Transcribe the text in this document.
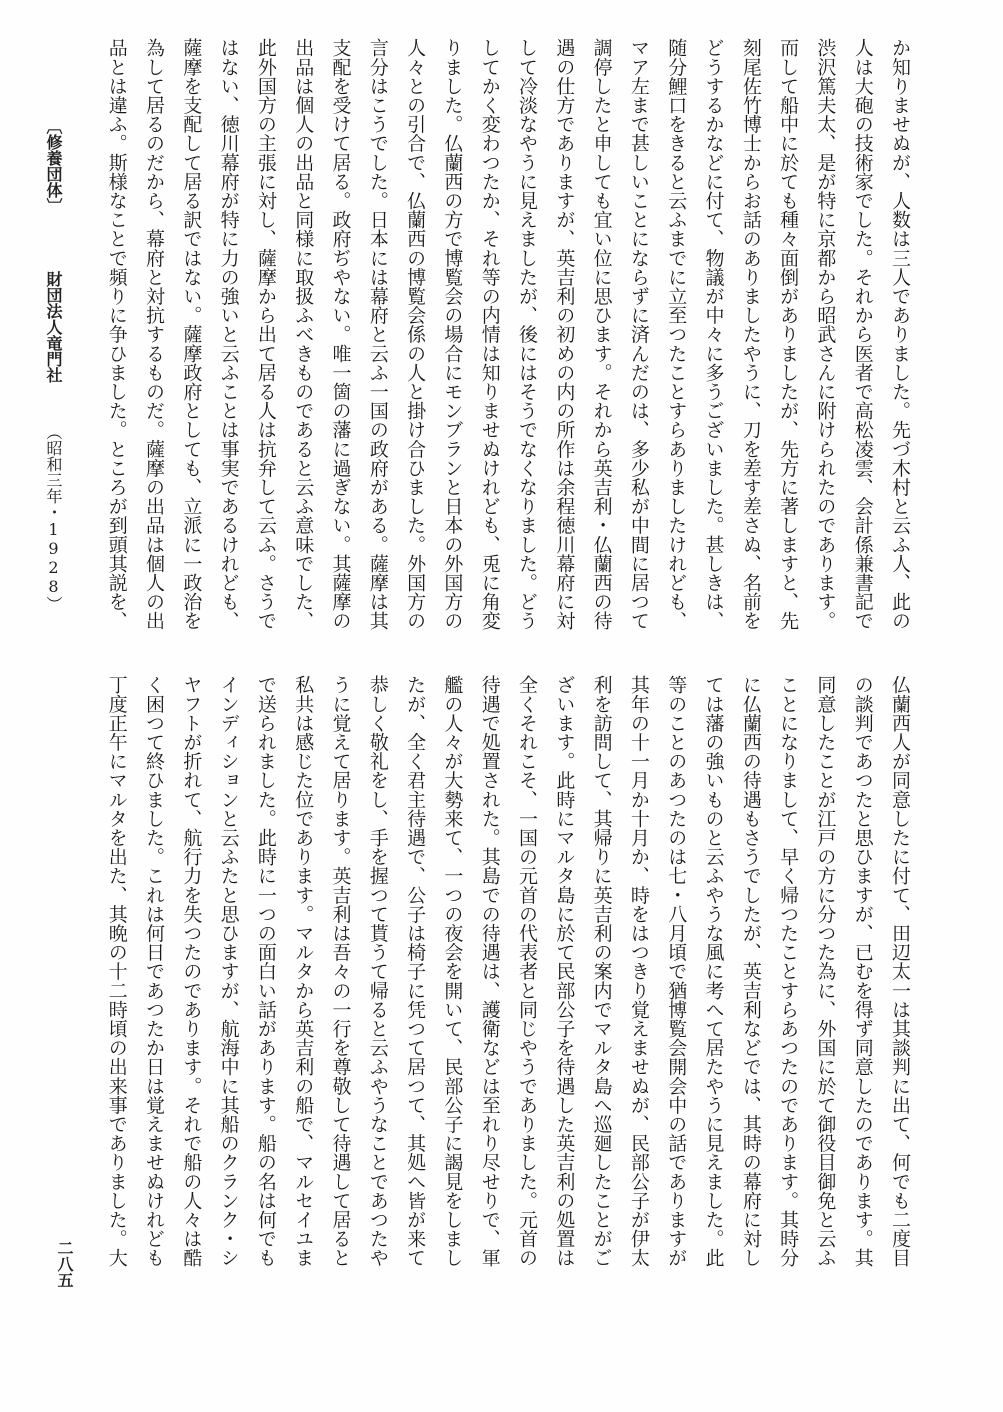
か知りませぬが、人数は三人でありました。先づ木村と云ふ人、此の
人は大砲の技術家でした。それから医者で高松凌雲、会計係兼書記で
渋沢篤夫太、是が特に京都から昭武さんに附けられたのであります。
而して船中に於ても種々面倒がありましたが、先方に著しますと、先
刻尾佐竹博士からお話のありましたやうに、刀を差す差さぬ、名前を
どうするかなどに付て、物議が中々に多うございました。甚しきは、
随分鯉口をきると云ふまでに立至つたことすらありましたけれども、
マア左まで甚しいことにならずに済んだのは、多少私が中間に居つて
調停したと申しても宜い位に思ひます。それから英吉利・仏蘭西の待
遇の仕方でありますが、英吉利の初めの内の所作は余程徳川幕府に対
して冷淡なやうに見えましたが、後にはそうでなくなりました。どう
してかく変わつたか、それ等の内情は知りませぬけれども、兎に角変
りました。仏蘭西の方で博覧会の場合にモンブランと日本の外国方の
人々との引合で、仏蘭西の博覧会係の人と掛け合ひました。外国方の
言分はこうでした。日本には幕府と云ふ一国の政府がある。薩摩は其
支配を受けて居る。政府ぢやない。唯一箇の藩に過ぎない。其薩摩の
出品は個人の出品と同様に取扱ふべきものであると云ふ意味でした、
此外国方の主張に対し、薩摩から出て居る人は抗弁して云ふ。さうで
はない、徳川幕府が特に力の強いと云ふことは事実であるけれども、
薩摩を支配して居る訳ではない。薩摩政府としても、立派に一政治を
為して居るのだから、幕府と対抗するものだ。薩摩の出品は個人の出
品とは違ふ。斯様なことで頻りに争ひました。ところが到頭其説を、
仏蘭西人が同意したに付て、田辺太一は其談判に出て、何でも二度目
の談判であつたと思ひますが、已むを得ず同意したのであります。其
同意したことが江戸の方に分つた為に、外国に於て御役目御免と云ふ
ことになりまして、早く帰つたことすらあつたのであります。其時分
に仏蘭西の待遇もさうでしたが、英吉利などでは、其時の幕府に対し
ては藩の強いものと云ふやうな風に考へて居たやうに見えました。此
等のことのあつたのは七・八月頃で猶博覧会開会中の話でありますが
其年の十一月か十月か、時をはつきり覚えませぬが、民部公子が伊太
利を訪問して、其帰りに英吉利の案内でマルタ島へ巡廻したことがご
ざいます。此時にマルタ島に於て民部公子を待遇した英吉利の処置は
全くそれこそ、一国の元首の代表者と同じやうでありました。元首の
待遇で処置された。其島での待遇は、護衛などは至れり尽せりで、軍
艦の人々が大勢来て、一つの夜会を開いて、民部公子に謁見をしまし
たが、全く君主待遇で、公子は椅子に凭つて居つて、其処へ皆が来て
恭しく敬礼をし、手を握つて貰うて帰ると云ふやうなことであつたや
うに覚えて居ります。英吉利は吾々の一行を尊敬して待遇して居ると
私共は感じた位であります。マルタから英吉利の船で、マルセイユま
で送られました。此時に一つの面白い話があります。船の名は何でも
インディションと云ふたと思ひますが、航海中に其船のクランク・シ
ヤフトが折れて、航行力を失つたのであります。それで船の人々は酷
く困つて終ひました。これは何日であつたか日は覚えませぬけれども
丁度正午にマルタを出た、其晩の十二時頃の出来事でありました。大
〔修養団体〕 財団法人竜門社 （昭和三年・1928）
二八五
